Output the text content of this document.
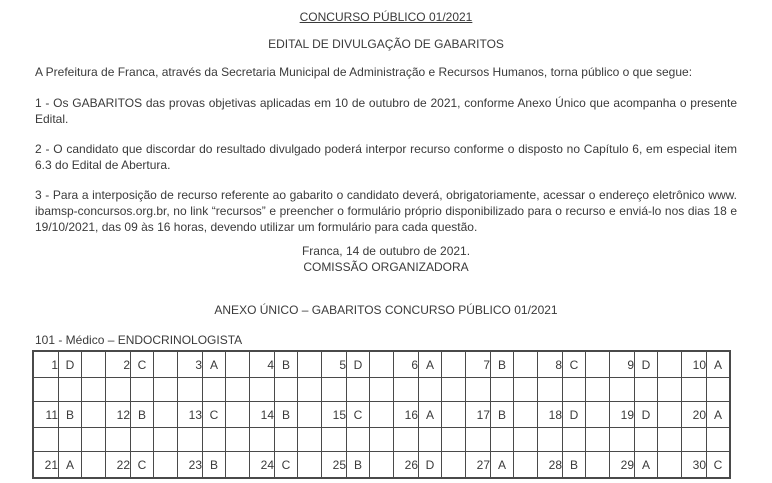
CONCURSO PÚBLICO 01/2021
EDITAL DE DIVULGAÇÃO DE GABARITOS

A Prefeitura de Franca, através da Secretaria Municipal de Administração e Recursos Humanos, torna público o que segue:

1 - Os GABARITOS das provas objetivas aplicadas em 10 de outubro de 2021, conforme Anexo Único que acompanha o presente Edital.

2 - O candidato que discordar do resultado divulgado poderá interpor recurso conforme o disposto no Capítulo 6, em especial item 6.3 do Edital de Abertura.

3 - Para a interposição de recurso referente ao gabarito o candidato deverá, obrigatoriamente, acessar o endereço eletrônico www. ibamsp-concursos.org.br, no link “recursos” e preencher o formulário próprio disponibilizado para o recurso e enviá-lo nos dias 18 e 19/10/2021, das 09 às 16 horas, devendo utilizar um formulário para cada questão.

Franca, 14 de outubro de 2021.

COMISSÃO ORGANIZADORA

ANEXO ÚNICO – GABARITOS CONCURSO PÚBLICO 01/2021

101 - Médico – ENDOCRINOLOGISTA

1	D		2	C		3	A		4	B		5	D		6	A		7	B		8	C		9	D		10	A

11	B		12	B		13	C		14	B		15	C		16	A		17	B		18	D		19	D		20	A

21	A		22	C		23	B		24	C		25	B		26	D		27	A		28	B		29	A		30	C
